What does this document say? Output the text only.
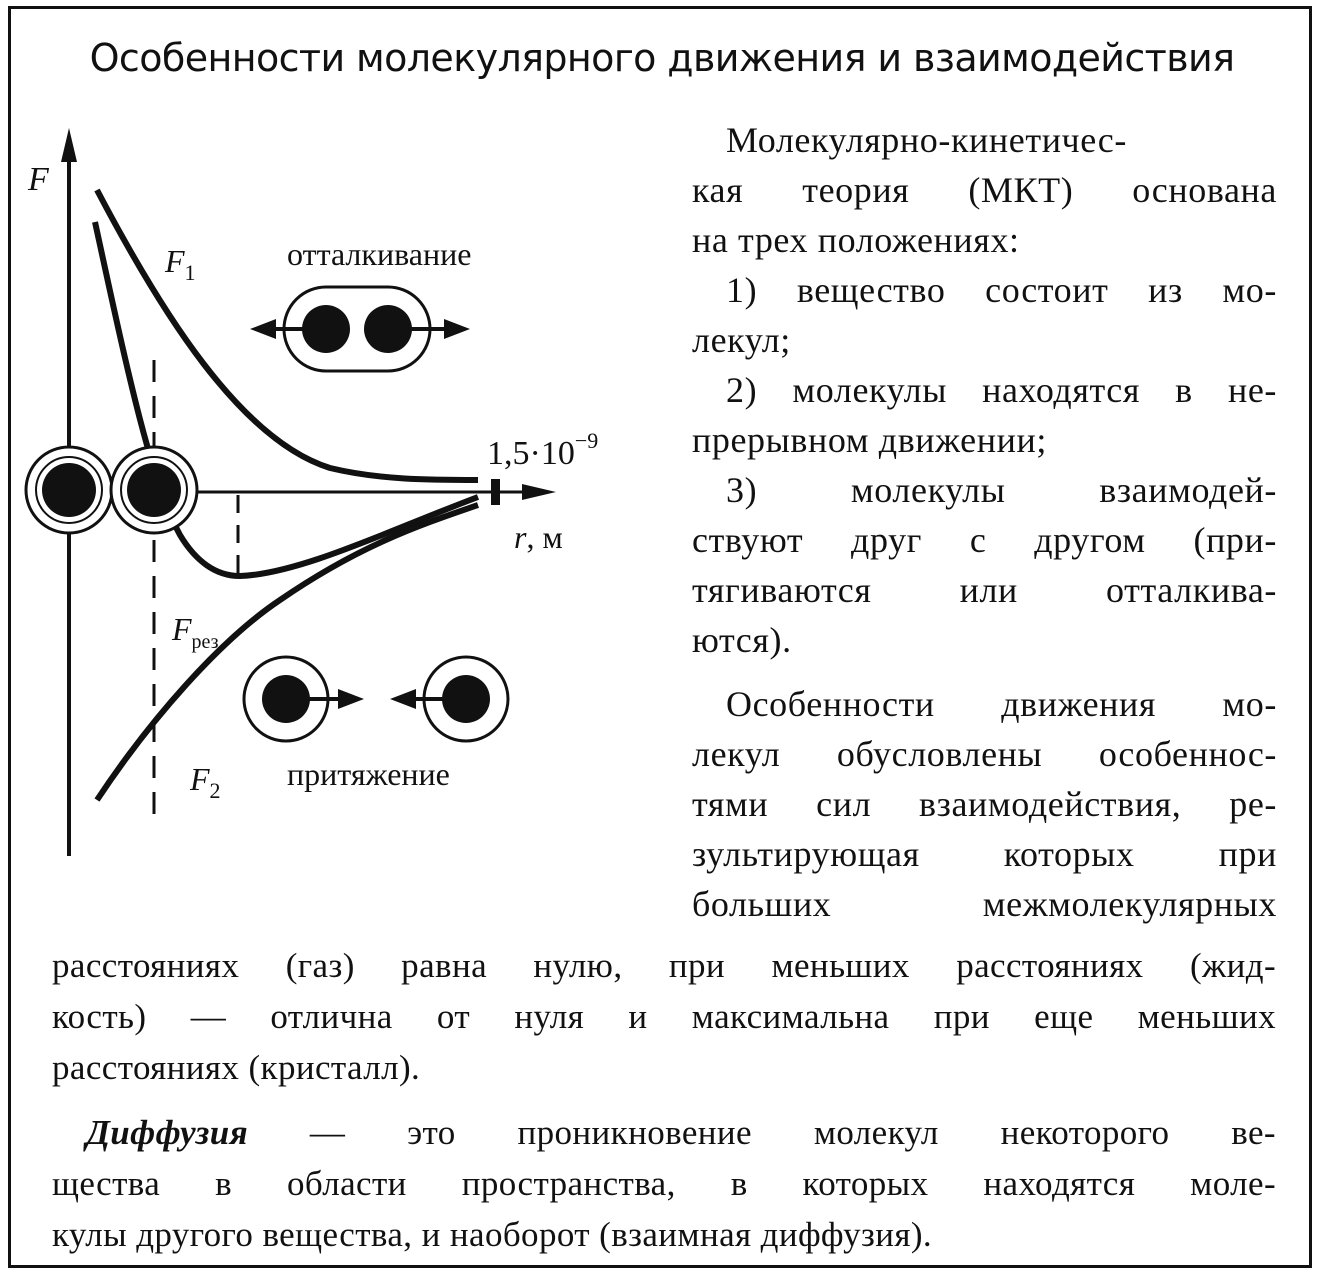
Особенности молекулярного движения и взаимодействия
F
$1,5\cdot 10^{-9}$
r, м
$F_1$
$F_{рез}$
$F_2$
отталкивание
притяжение

Молекулярно-кинетичес-

кая теория (МКТ) основана

на трех положениях:

1) вещество состоит из мо-

лекул;

2) молекулы находятся в не-

прерывном движении;

3) молекулы взаимодей-

ствуют друг с другом (при-

тягиваются или отталкива-

ются).

Особенности движения мо-

лекул обусловлены особеннос-

тями сил взаимодействия, ре-

зультирующая которых при

больших межмолекулярных

расстояниях (газ) равна нулю, при меньших расстояниях (жид-

кость) — отлична от нуля и максимальна при еще меньших

расстояниях (кристалл).

Диффузия — это проникновение молекул некоторого ве-

щества в области пространства, в которых находятся моле-

кулы другого вещества, и наоборот (взаимная диффузия).
